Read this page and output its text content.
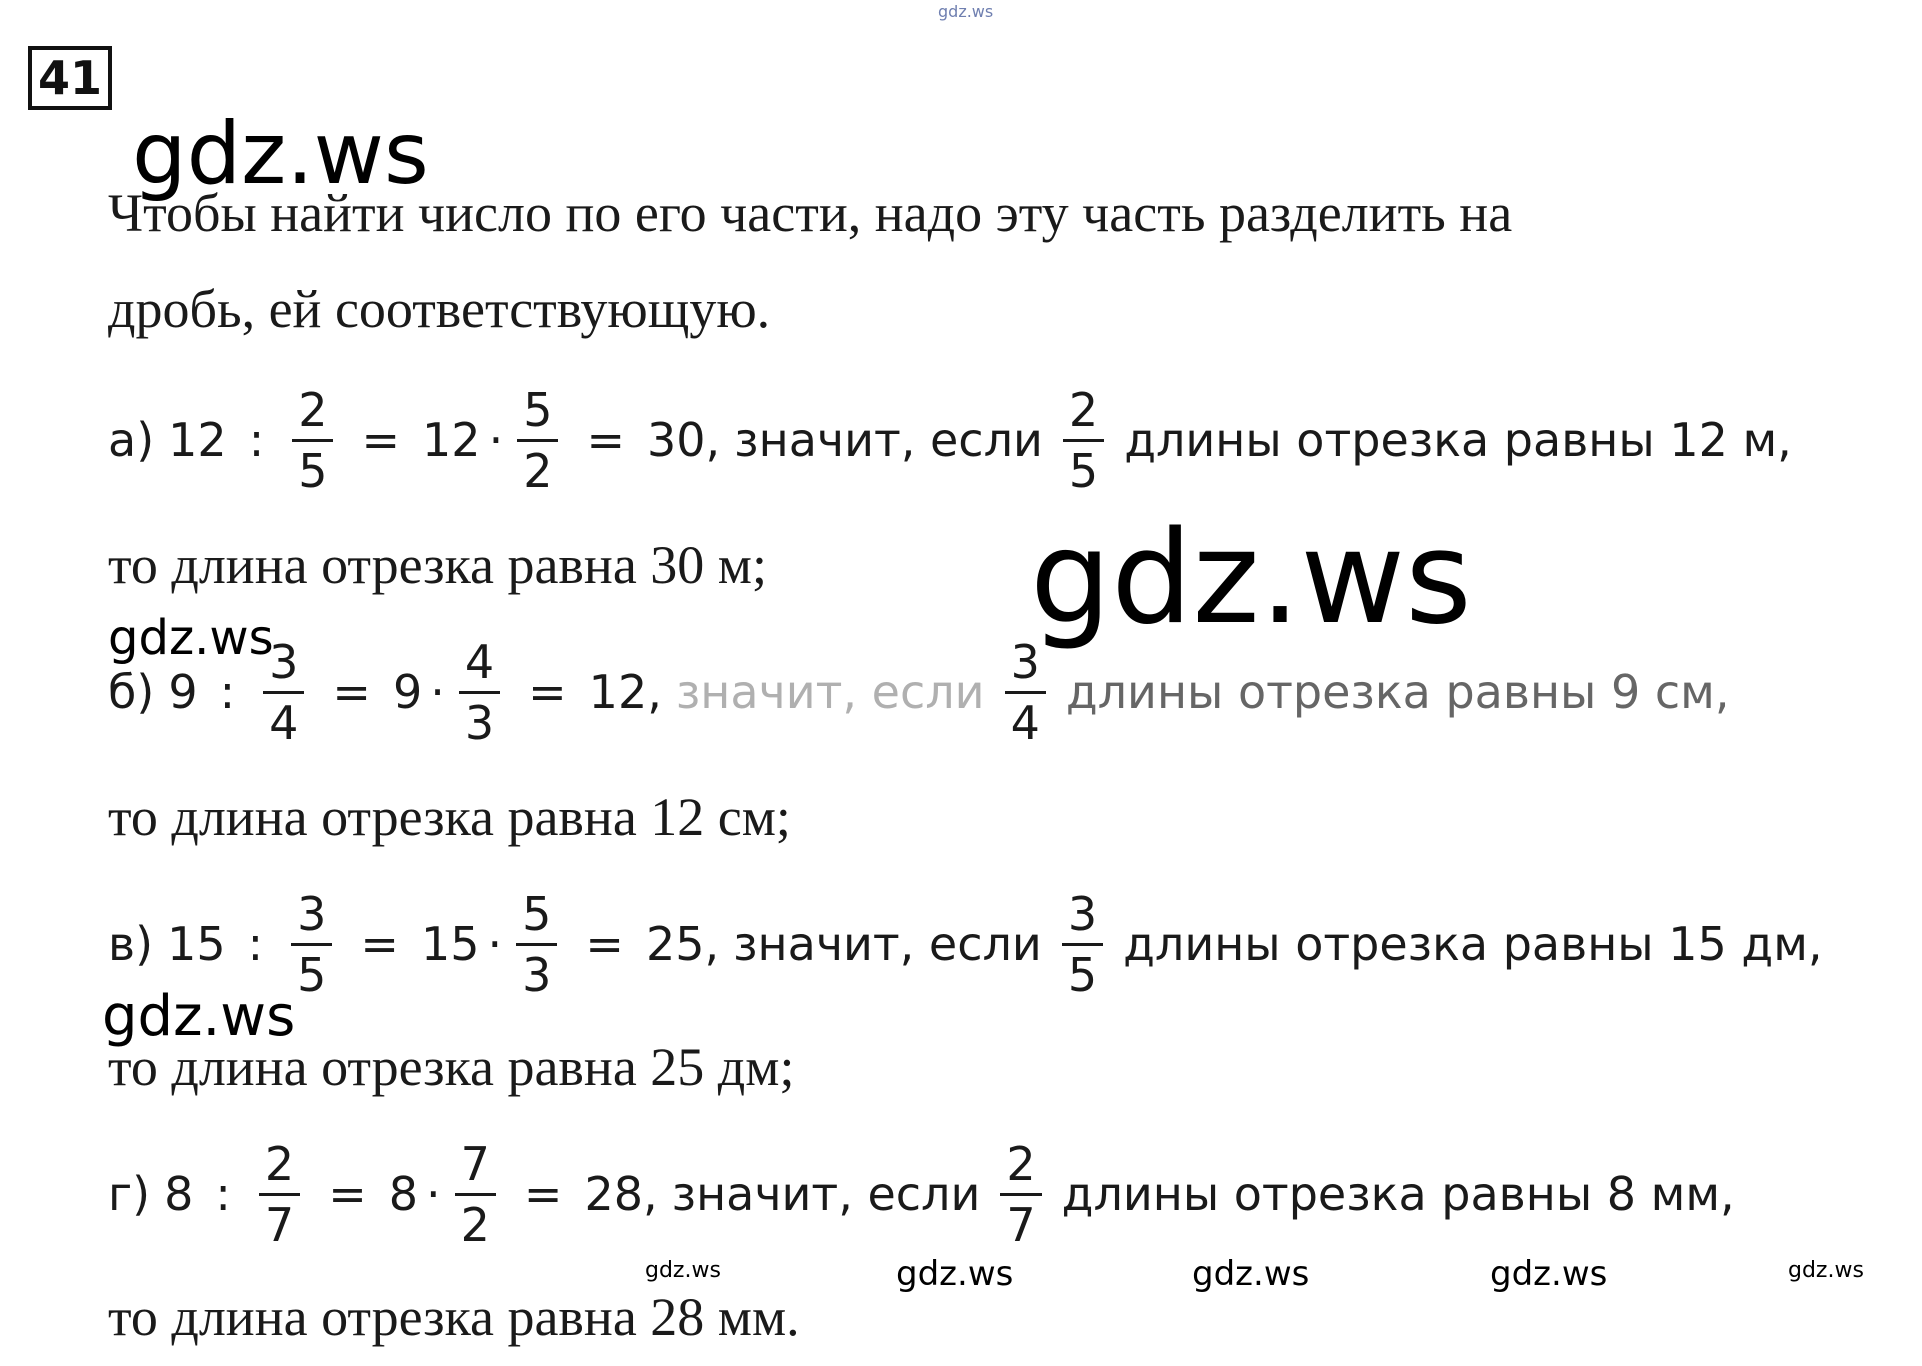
41
Чтобы найти число по его части, надо эту часть разделить на
дробь, ей соответствующую.
а) 12 : $\frac{2}{5} = 12 \cdot \frac{5}{2} = 30$, значит, если $\frac{2}{5}$ длины отрезка равны 12 м,
то длина отрезка равна 30 м;
б) 9 : $\frac{3}{4} = 9 \cdot \frac{4}{3} = 12$, значит, если $\frac{3}{4}$ длины отрезка равны 9 см,
то длина отрезка равна 12 см;
в) 15 : $\frac{3}{5} = 15 \cdot \frac{5}{3} = 25$, значит, если $\frac{3}{5}$ длины отрезка равны 15 дм,
то длина отрезка равна 25 дм;
г) 8 : $\frac{2}{7} = 8 \cdot \frac{7}{2} = 28$, значит, если $\frac{2}{7}$ длины отрезка равны 8 мм,
то длина отрезка равна 28 мм.
gdz.ws
gdz.ws
gdz.ws
gdz.ws
gdz.ws
gdz.ws	gdz.ws	gdz.ws	gdz.ws	gdz.ws
